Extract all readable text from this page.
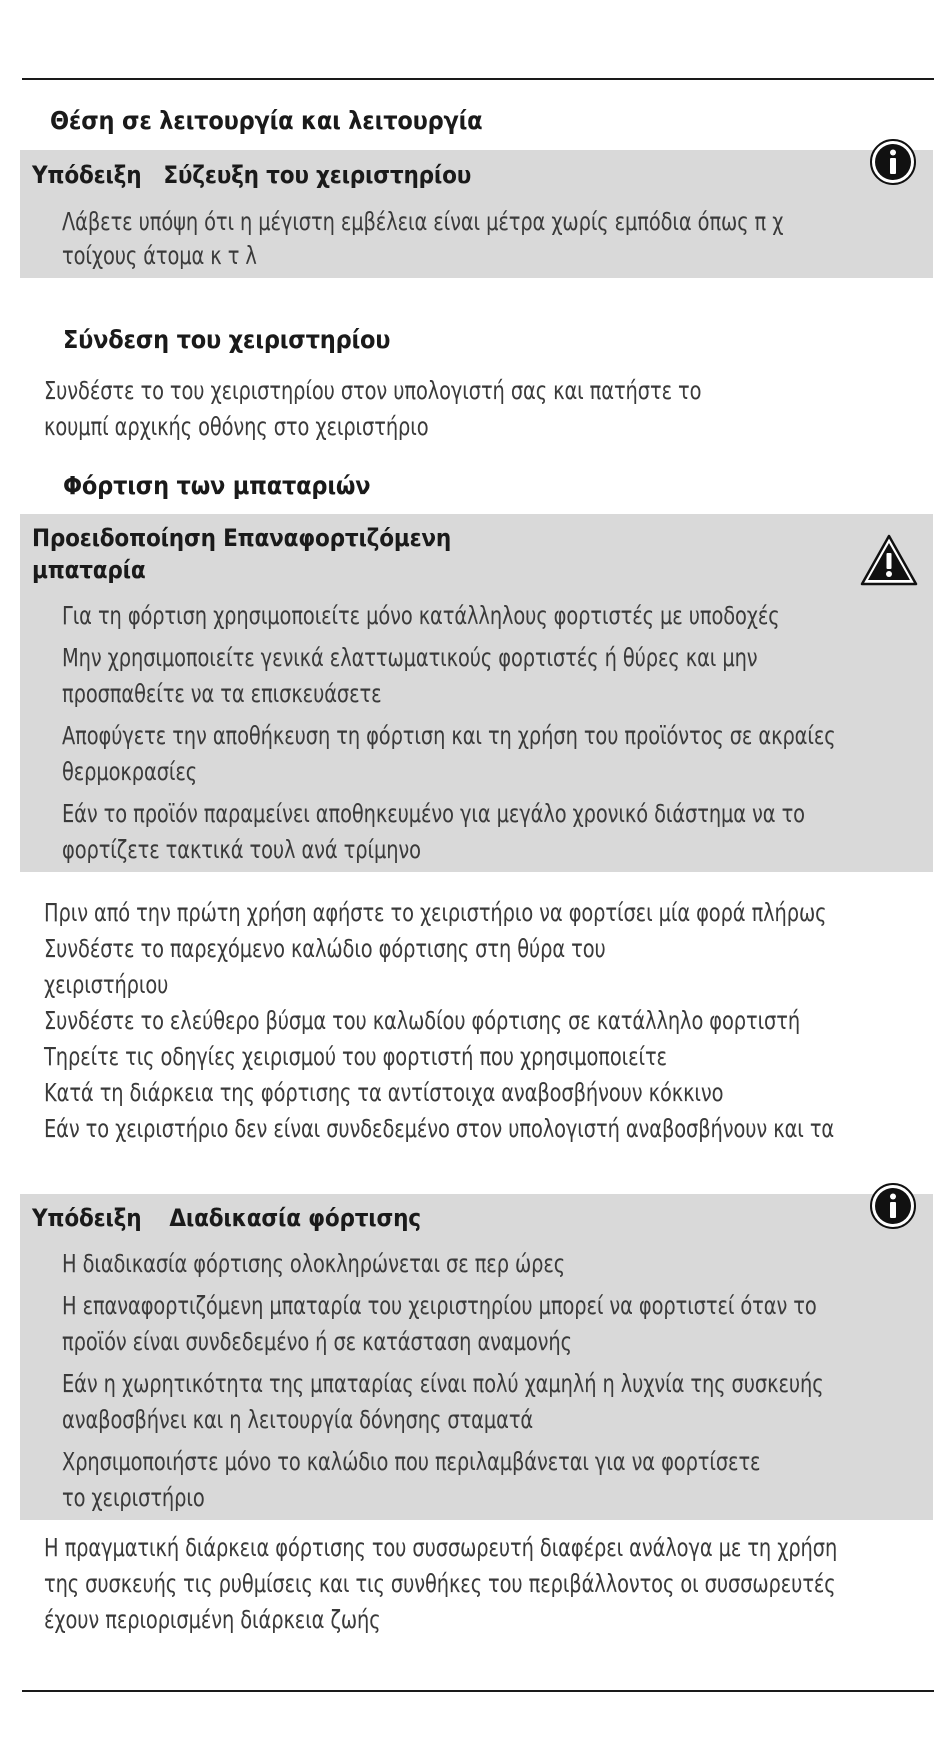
Θέση σε λειτουργία και λειτουργία
Υπόδειξη Σύζευξη του χειριστηρίου
Λάβετε υπόψη ότι η μέγιστη εμβέλεια είναι μέτρα χωρίς εμπόδια όπως π χ
τοίχους άτομα κ τ λ
Σύνδεση του χειριστηρίου
Συνδέστε το του χειριστηρίου στον υπολογιστή σας και πατήστε το
κουμπί αρχικής οθόνης στο χειριστήριο
Φόρτιση των μπαταριών
Προειδοποίηση Επαναφορτιζόμενη
μπαταρία
Για τη φόρτιση χρησιμοποιείτε μόνο κατάλληλους φορτιστές με υποδοχές
Μην χρησιμοποιείτε γενικά ελαττωματικούς φορτιστές ή θύρες και μην
προσπαθείτε να τα επισκευάσετε
Αποφύγετε την αποθήκευση τη φόρτιση και τη χρήση του προϊόντος σε ακραίες
θερμοκρασίες
Εάν το προϊόν παραμείνει αποθηκευμένο για μεγάλο χρονικό διάστημα να το
φορτίζετε τακτικά τουλ ανά τρίμηνο
Πριν από την πρώτη χρήση αφήστε το χειριστήριο να φορτίσει μία φορά πλήρως
Συνδέστε το παρεχόμενο καλώδιο φόρτισης στη θύρα του
χειριστήριου
Συνδέστε το ελεύθερο βύσμα του καλωδίου φόρτισης σε κατάλληλο φορτιστή
Τηρείτε τις οδηγίες χειρισμού του φορτιστή που χρησιμοποιείτε
Κατά τη διάρκεια της φόρτισης τα αντίστοιχα αναβοσβήνουν κόκκινο
Εάν το χειριστήριο δεν είναι συνδεδεμένο στον υπολογιστή αναβοσβήνουν και τα
Υπόδειξη Διαδικασία φόρτισης
Η διαδικασία φόρτισης ολοκληρώνεται σε περ ώρες
Η επαναφορτιζόμενη μπαταρία του χειριστηρίου μπορεί να φορτιστεί όταν το
προϊόν είναι συνδεδεμένο ή σε κατάσταση αναμονής
Εάν η χωρητικότητα της μπαταρίας είναι πολύ χαμηλή η λυχνία της συσκευής
αναβοσβήνει και η λειτουργία δόνησης σταματά
Χρησιμοποιήστε μόνο το καλώδιο που περιλαμβάνεται για να φορτίσετε
το χειριστήριο
Η πραγματική διάρκεια φόρτισης του συσσωρευτή διαφέρει ανάλογα με τη χρήση
της συσκευής τις ρυθμίσεις και τις συνθήκες του περιβάλλοντος οι συσσωρευτές
έχουν περιορισμένη διάρκεια ζωής
